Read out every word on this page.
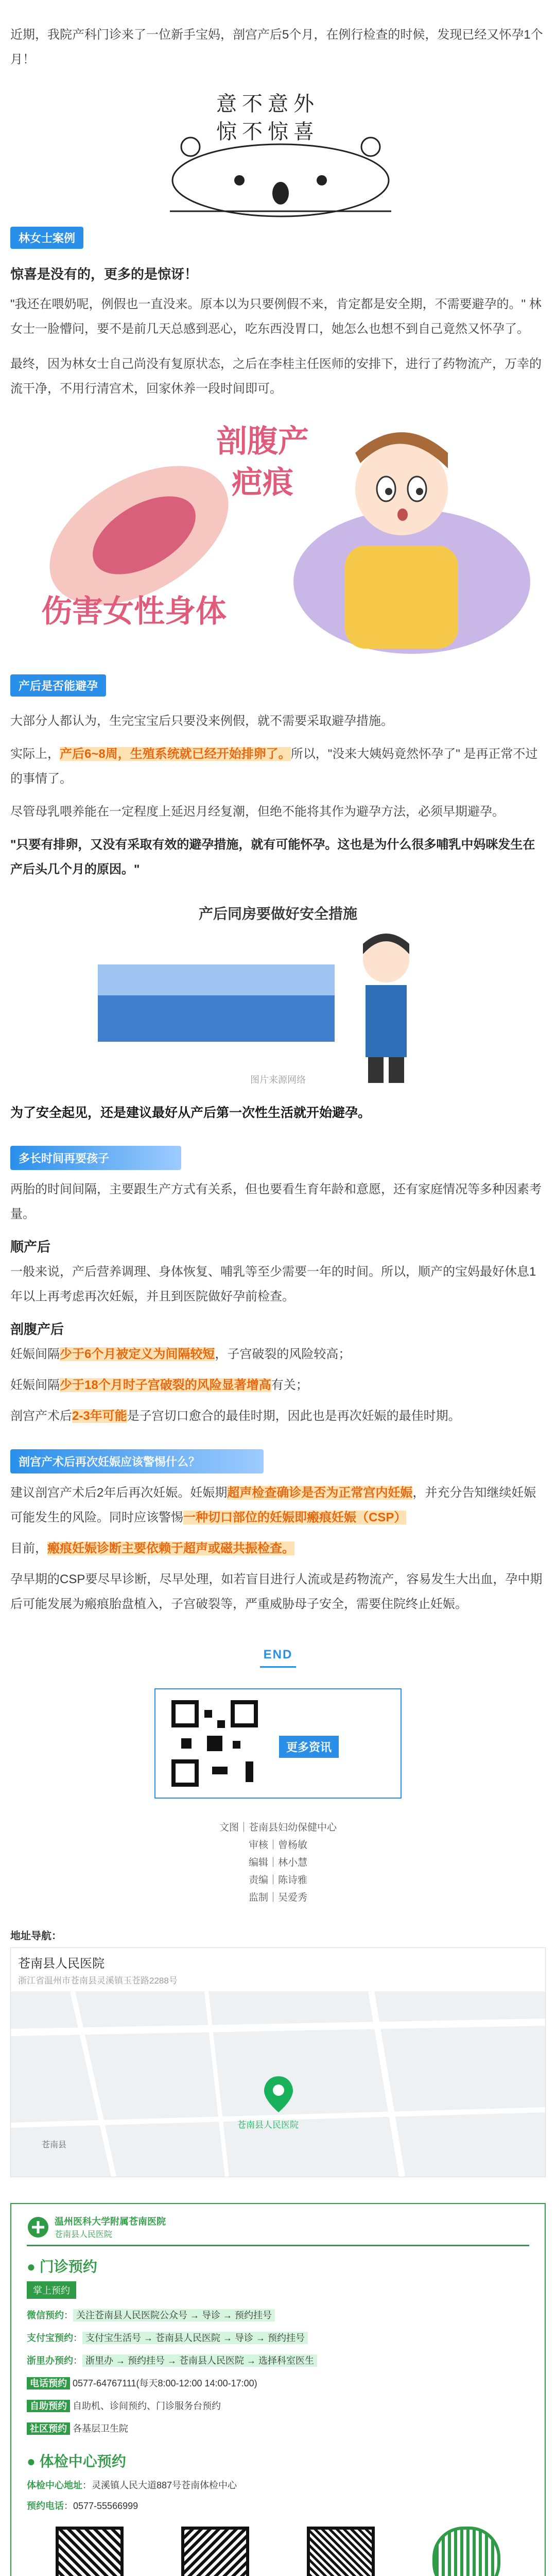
近期，我院产科门诊来了一位新手宝妈，剖宫产后5个月，在例行检查的时候，发现已经又怀孕1个月！

意不意外
惊不惊喜
林女士案例

惊喜是没有的，更多的是惊讶！

"我还在喂奶呢，例假也一直没来。原本以为只要例假不来，肯定都是安全期，不需要避孕的。" 林女士一脸懵问，要不是前几天总感到恶心，吃东西没胃口，她怎么也想不到自己竟然又怀孕了。

最终，因为林女士自己尚没有复原状态，之后在李桂主任医师的安排下，进行了药物流产，万幸的流干净，不用行清宫术，回家休养一段时间即可。

剖腹产
疤痕
伤害女性身体
产后是否能避孕

大部分人都认为，生完宝宝后只要没来例假，就不需要采取避孕措施。

实际上，产后6~8周，生殖系统就已经开始排卵了。所以，"没来大姨妈竟然怀孕了" 是再正常不过的事情了。

尽管母乳喂养能在一定程度上延迟月经复潮，但绝不能将其作为避孕方法，必须早期避孕。

"只要有排卵，又没有采取有效的避孕措施，就有可能怀孕。这也是为什么很多哺乳中妈咪发生在产后头几个月的原因。"

产后同房要做好安全措施
图片来源网络

为了安全起见，还是建议最好从产后第一次性生活就开始避孕。

多长时间再要孩子

两胎的时间间隔，主要跟生产方式有关系，但也要看生育年龄和意愿，还有家庭情况等多种因素考量。

顺产后

一般来说，产后营养调理、身体恢复、哺乳等至少需要一年的时间。所以，顺产的宝妈最好休息1年以上再考虑再次妊娠，并且到医院做好孕前检查。

剖腹产后

妊娠间隔少于6个月被定义为间隔较短，子宫破裂的风险较高；

妊娠间隔少于18个月时子宫破裂的风险显著增高有关；

剖宫产术后2-3年可能是子宫切口愈合的最佳时期，因此也是再次妊娠的最佳时期。

剖宫产术后再次妊娠应该警惕什么？

建议剖宫产术后2年后再次妊娠。妊娠期超声检查确诊是否为正常宫内妊娠，并充分告知继续妊娠可能发生的风险。同时应该警惕一种切口部位的妊娠即瘢痕妊娠（CSP）

目前，瘢痕妊娠诊断主要依赖于超声或磁共振检查。

孕早期的CSP要尽早诊断，尽早处理，如若盲目进行人流或是药物流产，容易发生大出血，孕中期后可能发展为瘢痕胎盘植入，子宫破裂等，严重威胁母子安全，需要住院终止妊娠。

END
更多资讯
文图｜苍南县妇幼保健中心
审核｜曾杨敏
编辑｜林小慧
责编｜陈诗雅
监制｜吴爱秀
地址导航：
苍南县人民医院
浙江省温州市苍南县灵溪镇玉苍路2288号
苍南县人民医院
苍南县
温州医科大学附属苍南医院
苍南县人民医院
● 门诊预约
掌上预约
微信预约： 关注苍南县人民医院公众号 → 导诊 → 预约挂号
支付宝预约： 支付宝生活号 → 苍南县人民医院 → 导诊 → 预约挂号
浙里办预约： 浙里办 → 预约挂号 → 苍南县人民医院 → 选择科室医生
电话预约 0577-64767111(每天8:00-12:00 14:00-17:00)
自助预约 自助机、诊间预约、门诊服务台预约
社区预约 各基层卫生院
● 体检中心预约
体检中心地址：灵溪镇人民大道887号苍南体检中心
预约电话：0577-55566999
